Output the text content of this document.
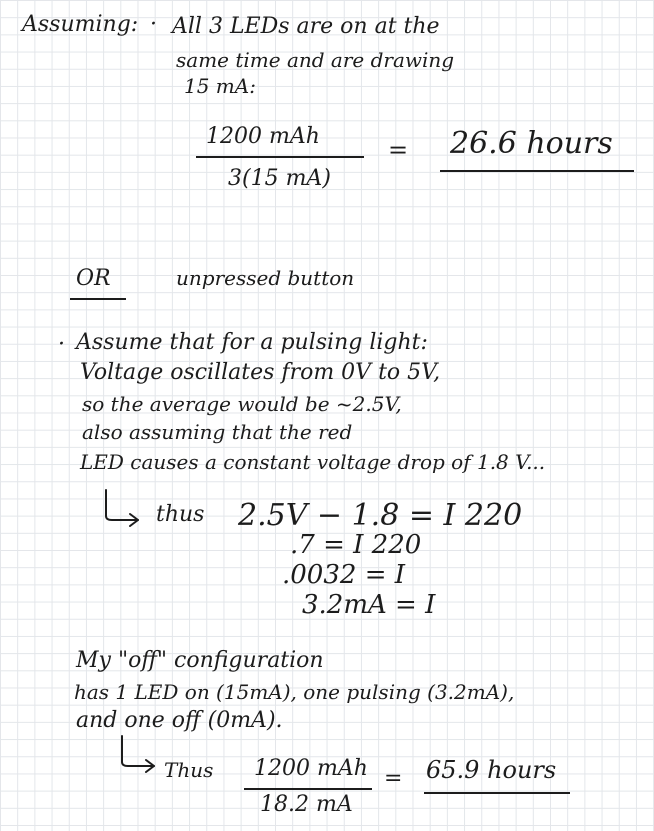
Assuming: · All 3 LEDs are on at the
same time and are drawing
15 mA:
1200 mAh
3(15 mA)
= 26.6 hours
OR	unpressed button
· Assume that for a pulsing light:
Voltage oscillates from 0V to 5V,
so the average would be ~2.5V,
also assuming that the red
LED causes a constant voltage drop of 1.8 V...
thus 2.5V − 1.8 = I 220
.7 = I 220
.0032 = I
3.2mA = I
My "off" configuration
has 1 LED on (15mA), one pulsing (3.2mA),
and one off (0mA).
Thus 1200 mAh
18.2 mA
= 65.9 hours
